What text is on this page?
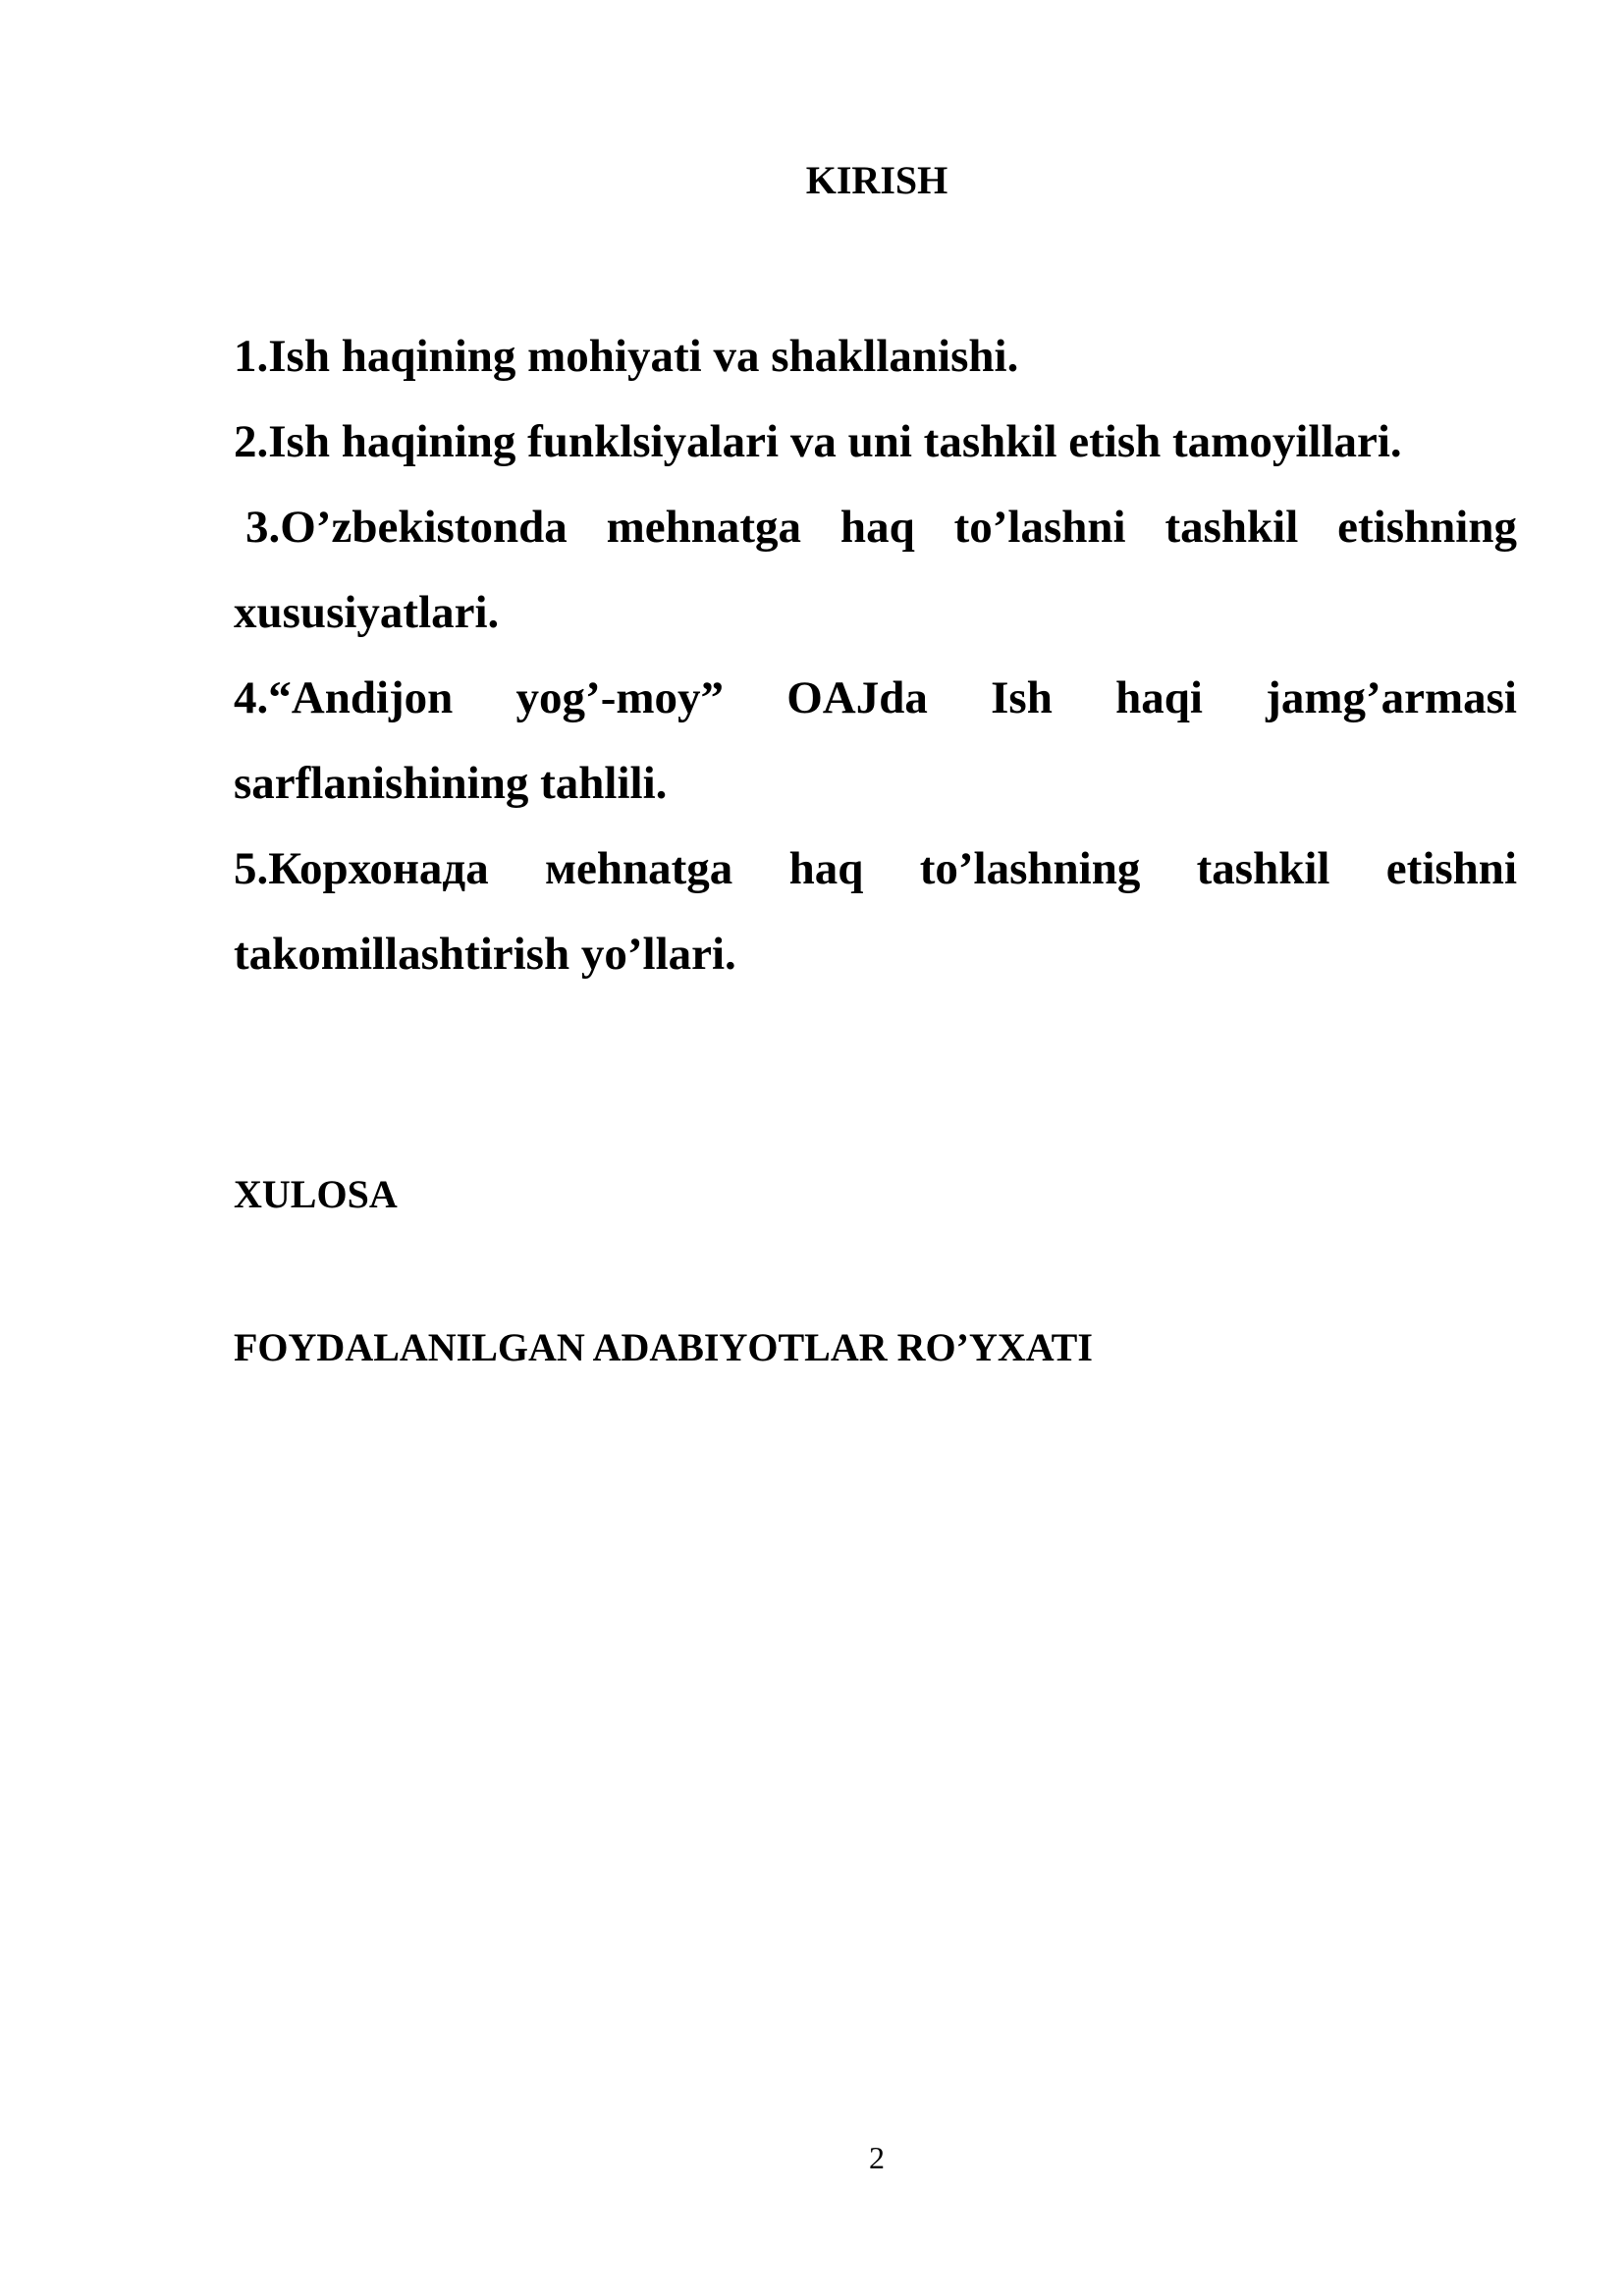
KIRISH
1.Ish haqining mohiyati va shakllanishi.
2.Ish haqining funklsiyalari va uni tashkil etish tamoyillari.
3.O’zbekistonda mehnatga haq to’lashni tashkil etishning xususiyatlari.
4.“Andijon yog’-moy” OAJda Ish haqi jamg’armasi sarflanishining tahlili.
5.Корхонада мehnatga haq to’lashning tashkil etishni takomillashtirish yo’llari.
XULOSA
FOYDALANILGAN ADABIYOTLAR RO’YXATI
2
